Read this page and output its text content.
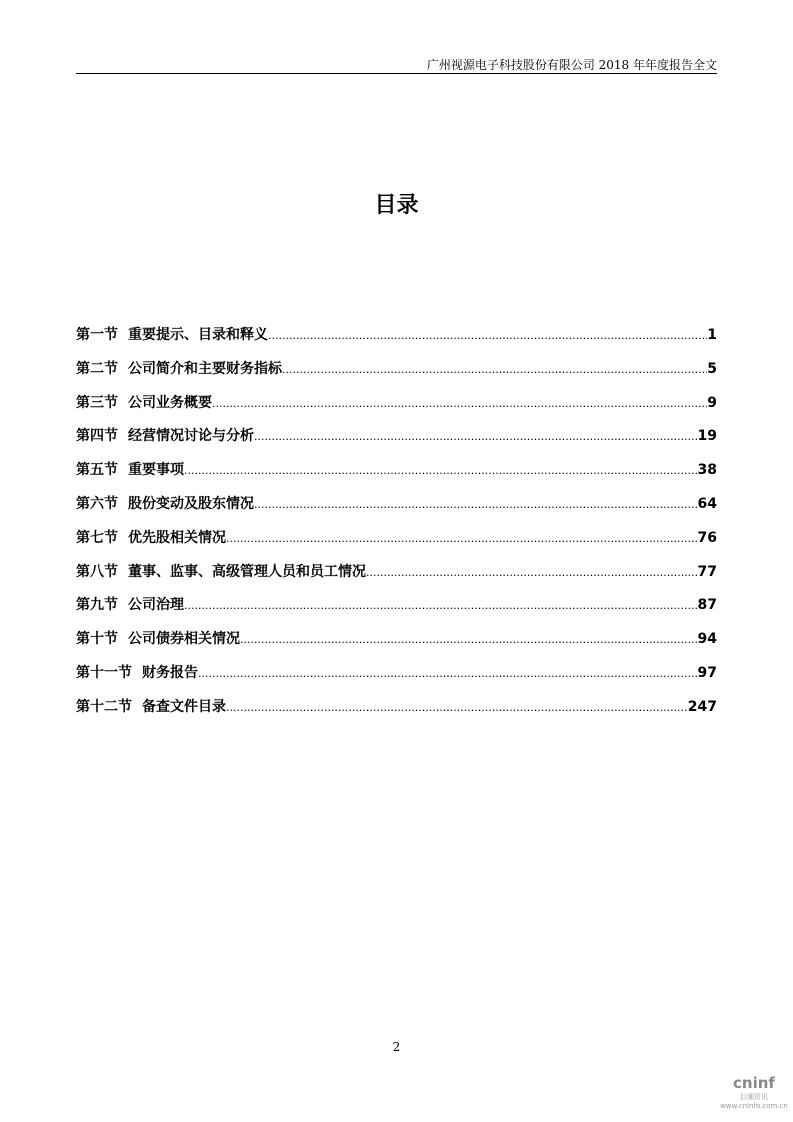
广州视源电子科技股份有限公司 2018 年年度报告全文
目录
第一节 重要提示、目录和释义 .....	1
第二节 公司简介和主要财务指标 .....	5
第三节 公司业务概要 .....	9
第四节 经营情况讨论与分析 .....	19
第五节 重要事项 .....	38
第六节 股份变动及股东情况 .....	64
第七节 优先股相关情况 .....	76
第八节 董事、监事、高级管理人员和员工情况 .....	77
第九节 公司治理 .....	87
第十节 公司债券相关情况 .....	94
第十一节 财务报告 .....	97
第十二节 备查文件目录 .....	247
2
cninf
巨潮资讯
www.cninfo.com.cn
